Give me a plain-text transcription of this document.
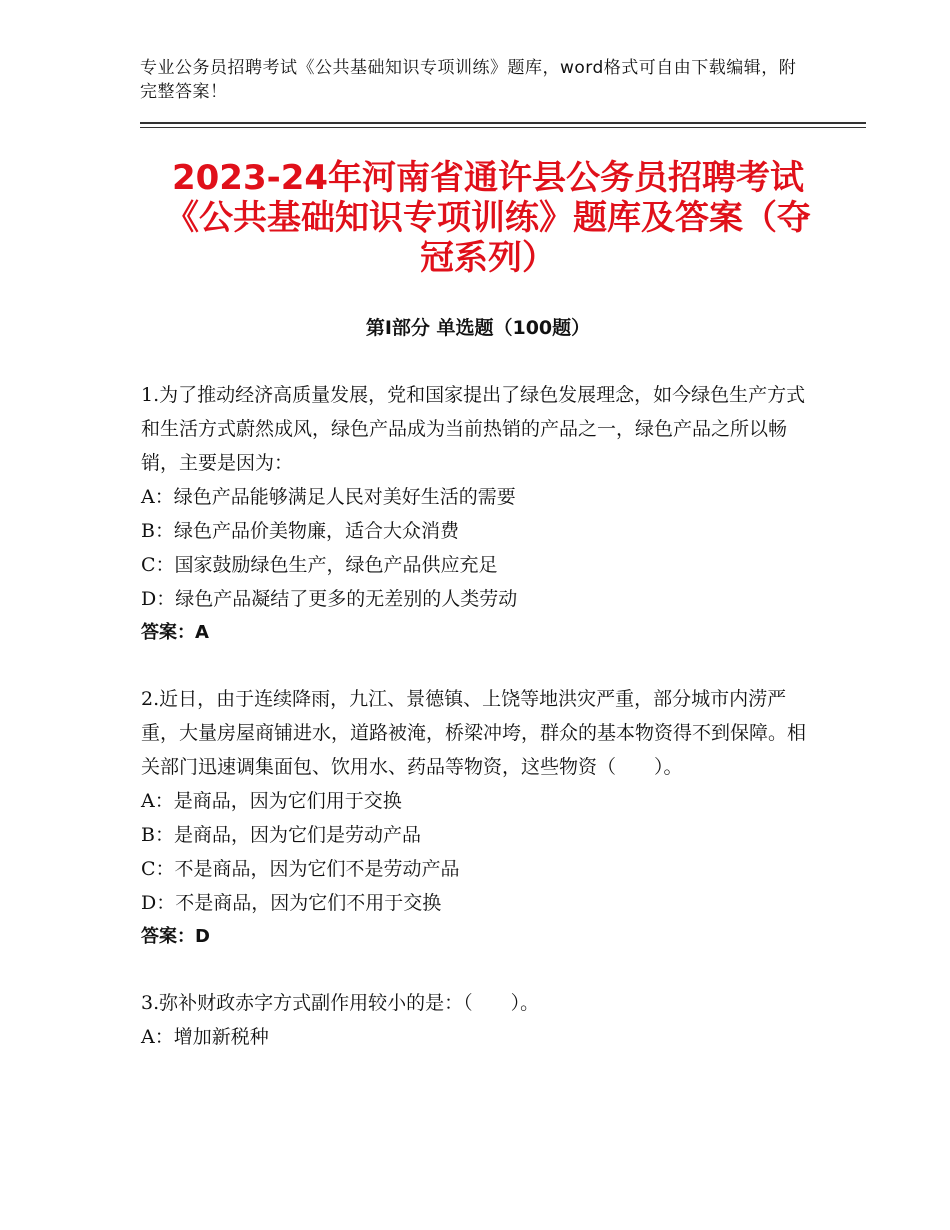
专业公务员招聘考试《公共基础知识专项训练》题库，word格式可自由下载编辑，附完整答案！
2023-24年河南省通许县公务员招聘考试《公共基础知识专项训练》题库及答案（夺冠系列）
第I部分 单选题（100题）

1.为了推动经济高质量发展，党和国家提出了绿色发展理念，如今绿色生产方式和生活方式蔚然成风，绿色产品成为当前热销的产品之一，绿色产品之所以畅销，主要是因为：

A：绿色产品能够满足人民对美好生活的需要

B：绿色产品价美物廉，适合大众消费

C：国家鼓励绿色生产，绿色产品供应充足

D：绿色产品凝结了更多的无差别的人类劳动

答案：A

2.近日，由于连续降雨，九江、景德镇、上饶等地洪灾严重，部分城市内涝严重，大量房屋商铺进水，道路被淹，桥梁冲垮，群众的基本物资得不到保障。相关部门迅速调集面包、饮用水、药品等物资，这些物资（　　）。

A：是商品，因为它们用于交换

B：是商品，因为它们是劳动产品

C：不是商品，因为它们不是劳动产品

D：不是商品，因为它们不用于交换

答案：D

3.弥补财政赤字方式副作用较小的是：（　　）。

A：增加新税种
